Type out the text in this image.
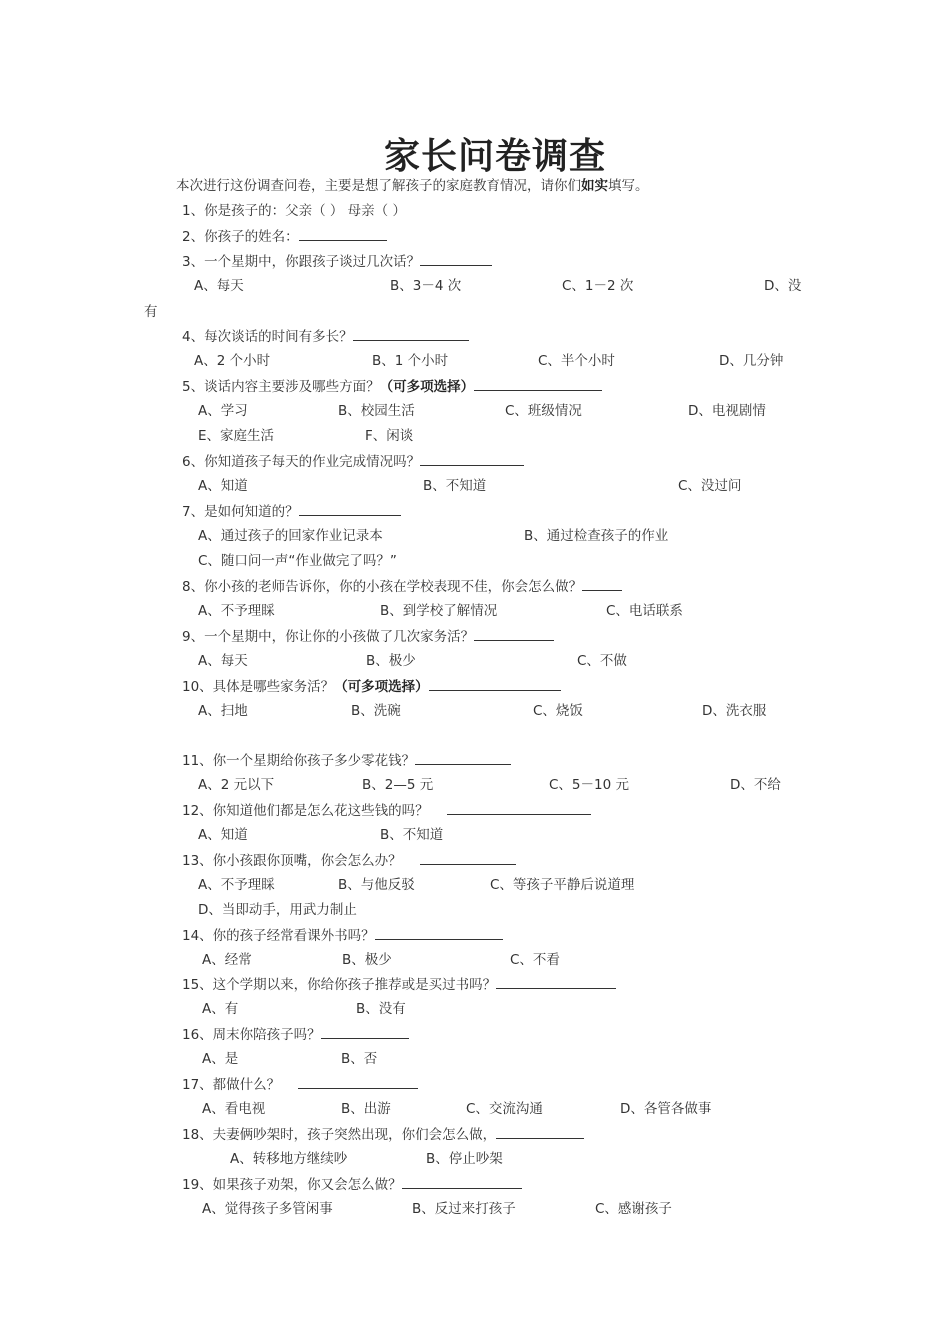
家长问卷调查
本次进行这份调查问卷，主要是想了解孩子的家庭教育情况，请你们如实填写。
1、你是孩子的：父亲（ ） 母亲（ ）
2、你孩子的姓名：
3、一个星期中，你跟孩子谈过几次话？
A、每天	B、3－4 次	C、1－2 次	D、没
有
4、每次谈话的时间有多长？
A、2 个小时	B、1 个小时	C、半个小时	D、几分钟
5、谈话内容主要涉及哪些方面？（可多项选择）
A、学习	B、校园生活	C、班级情况	D、电视剧情
E、家庭生活	F、闲谈
6、你知道孩子每天的作业完成情况吗？
A、知道	B、不知道	C、没过问
7、是如何知道的？
A、通过孩子的回家作业记录本	B、通过检查孩子的作业
C、随口问一声“作业做完了吗？”
8、你小孩的老师告诉你，你的小孩在学校表现不佳，你会怎么做？
A、不予理睬	B、到学校了解情况	C、电话联系
9、一个星期中，你让你的小孩做了几次家务活？
A、每天	B、极少	C、不做
10、具体是哪些家务活？（可多项选择）
A、扫地	B、洗碗	C、烧饭	D、洗衣服
11、你一个星期给你孩子多少零花钱？
A、2 元以下	B、2—5 元	C、5－10 元	D、不给
12、你知道他们都是怎么花这些钱的吗？
A、知道	B、不知道
13、你小孩跟你顶嘴，你会怎么办？
A、不予理睬	B、与他反驳	C、等孩子平静后说道理
D、当即动手，用武力制止
14、你的孩子经常看课外书吗？
A、经常	B、极少	C、不看
15、这个学期以来，你给你孩子推荐或是买过书吗？
A、有	B、没有
16、周末你陪孩子吗？
A、是	B、否
17、都做什么？
A、看电视	B、出游	C、交流沟通	D、各管各做事
18、夫妻俩吵架时，孩子突然出现，你们会怎么做，
A、转移地方继续吵	B、停止吵架
19、如果孩子劝架，你又会怎么做？
A、觉得孩子多管闲事	B、反过来打孩子	C、感谢孩子
